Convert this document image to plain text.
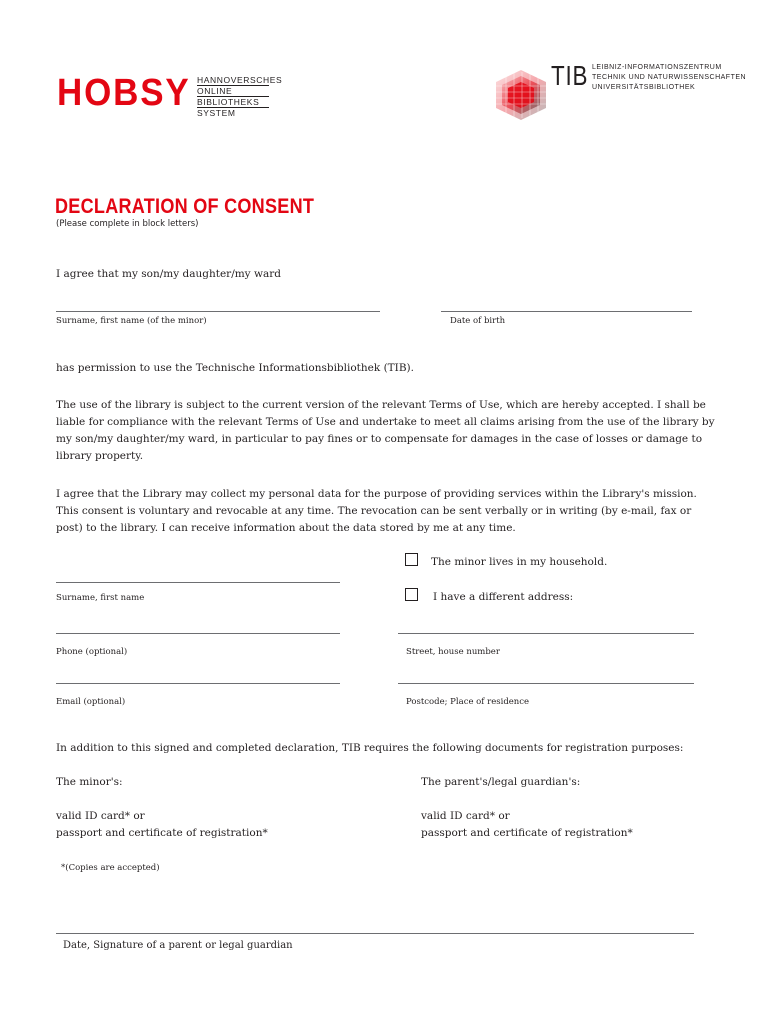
HOBSY HANNOVERSCHES
ONLINE
BIBLIOTHEKS
SYSTEM
TIB LEIBNIZ-INFORMATIONSZENTRUM
TECHNIK UND NATURWISSENSCHAFTEN
UNIVERSITÄTSBIBLIOTHEK
DECLARATION OF CONSENT
(Please complete in block letters)
I agree that my son/my daughter/my ward
Surname, first name (of the minor)	Date of birth
has permission to use the Technische Informationsbibliothek (TIB).
The use of the library is subject to the current version of the relevant Terms of Use, which are hereby accepted. I shall be liable for compliance with the relevant Terms of Use and undertake to meet all claims arising from the use of the library by my son/my daughter/my ward, in particular to pay fines or to compensate for damages in the case of losses or damage to library property.
I agree that the Library may collect my personal data for the purpose of providing services within the Library's mission.
This consent is voluntary and revocable at any time. The revocation can be sent verbally or in writing (by e-mail, fax or post) to the library. I can receive information about the data stored by me at any time.
The minor lives in my household.
I have a different address:
Surname, first name
Phone (optional)
Email (optional)
Street, house number
Postcode; Place of residence
In addition to this signed and completed declaration, TIB requires the following documents for registration purposes:
The minor's:	The parent's/legal guardian's:
valid ID card* or
passport and certificate of registration*
valid ID card* or
passport and certificate of registration*
*(Copies are accepted)
Date, Signature of a parent or legal guardian
